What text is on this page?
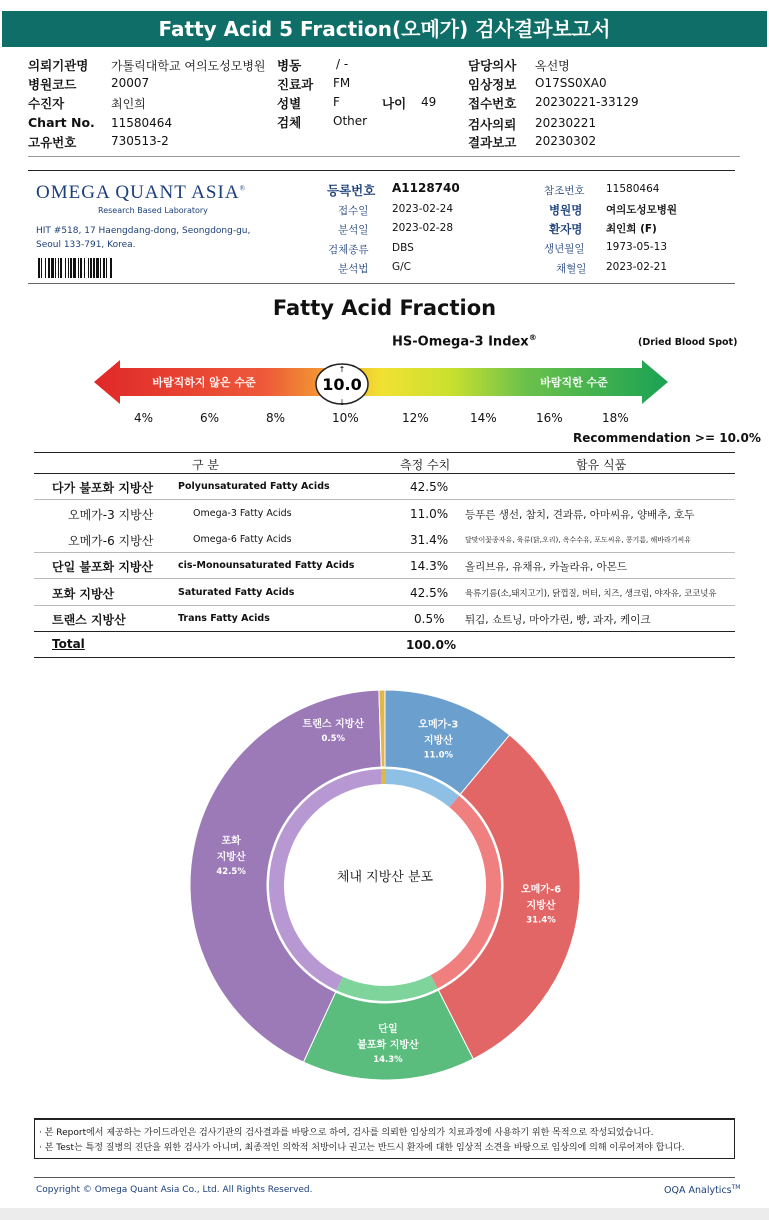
Fatty Acid 5 Fraction(오메가) 검사결과보고서
의뢰기관명 가톨릭대학교 여의도성모병원 병동	/ -	담당의사 옥선명
병원코드	20007	진료과 FM	임상정보 O17SS0XA0
수진자	최인희	성별	F	나이 49	접수번호 20230221-33129
Chart No. 11580464	검체	Other	검사의뢰 20230221
고유번호	730513-2	결과보고 20230302
OMEGA QUANT ASIA®
Research Based Laboratory
HIT #518, 17 Haengdang-dong, Seongdong-gu,
Seoul 133-791, Korea.
등록번호 A1128740
접수일 2023-02-24
분석일 2023-02-28
검체종류 DBS
분석법 G/C
참조번호 11580464
병원명 여의도성모병원
환자명 최인희 (F)
생년월일 1973-05-13
채혈일 2023-02-21
Fatty Acid Fraction
HS-Omega-3 Index®	(Dried Blood Spot)
바람직하지 않은 수준	바람직한 수준
10.0
↑
↓
4%	6%	8%	10%	12%	14%	16%	18%
Recommendation >= 10.0%
구 분	측정 수치	함유 식품
다가 불포화 지방산	Polyunsaturated Fatty Acids	42.5%
오메가-3 지방산	Omega-3 Fatty Acids	11.0% 등푸른 생선, 참치, 견과류, 아마씨유, 양배추, 호두
오메가-6 지방산	Omega-6 Fatty Acids	31.4% 달맞이꽃종자유, 육류(닭,오리), 옥수수유, 포도씨유, 콩기름, 해바라기씨유
단일 불포화 지방산	cis-Monounsaturated Fatty Acids	14.3% 올리브유, 유채유, 카놀라유, 아몬드
포화 지방산	Saturated Fatty Acids	42.5% 육류기름(소,돼지고기), 닭껍질, 버터, 치즈, 생크림, 야자유, 코코넛유
트랜스 지방산	Trans Fatty Acids	0.5% 튀김, 쇼트닝, 마아가린, 빵, 과자, 케이크
Total	100.0%
오메가-3
지방산
11.0%
오메가-6
지방산
31.4%
단일
불포화 지방산
14.3%
포화
지방산
42.5%
트랜스 지방산
0.5%
체내 지방산 분포
· 본 Report에서 제공하는 가이드라인은 검사기관의 검사결과를 바탕으로 하여, 검사를 의뢰한 임상의가 치료과정에 사용하기 위한 목적으로 작성되었습니다.
· 본 Test는 특정 질병의 진단을 위한 검사가 아니며, 최종적인 의학적 처방이나 권고는 반드시 환자에 대한 임상적 소견을 바탕으로 임상의에 의해 이루어져야 합니다.
Copyright © Omega Quant Asia Co., Ltd. All Rights Reserved.	OQA Analytics™
